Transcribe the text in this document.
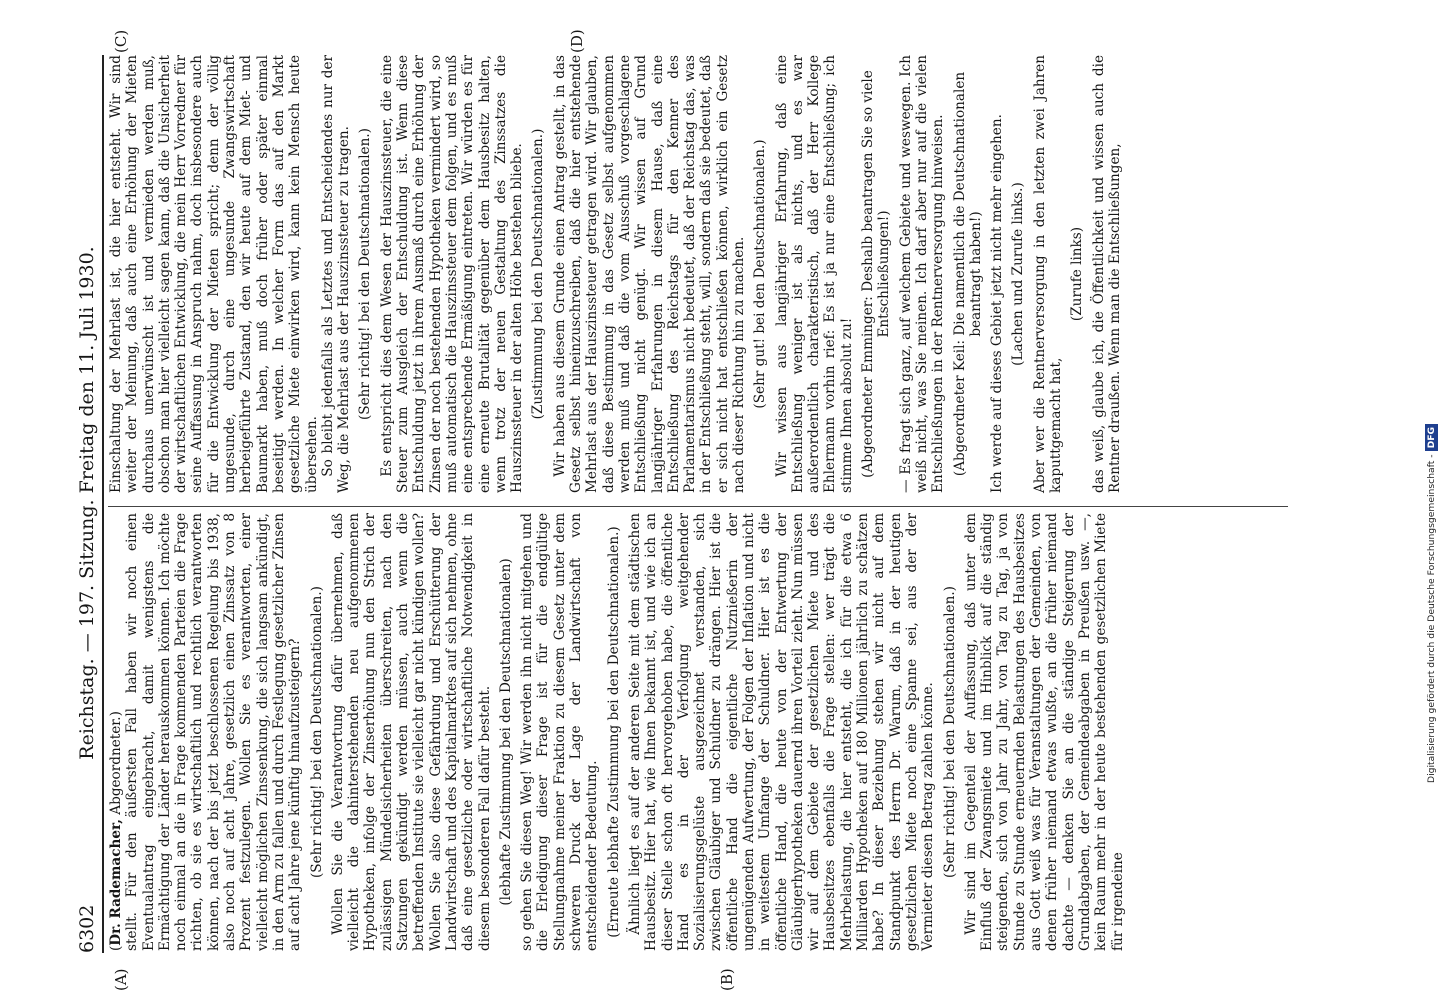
6302
Reichstag. — 197. Sitzung. Freitag den 11. Juli 1930.
(A)	(B)
(C)	(D)

(Dr. Rademacher, Abgeordneter.) stellt. Für den äußersten Fall haben wir noch einen Eventualantrag eingebracht, damit wenigstens die Ermächtigung der Länder herauskommen können. Ich möchte noch einmal an die in Frage kommenden Parteien die Frage richten, ob sie es wirtschaftlich und rechtlich verantworten können, nach der bis jetzt beschlossenen Regelung bis 1938, also noch auf acht Jahre, gesetzlich einen Zinssatz von 8 Prozent festzulegen. Wollen Sie es verantworten, einer vielleicht möglichen Zinssenkung, die sich langsam ankündigt, in den Arm zu fallen und durch Festlegung gesetzlicher Zinsen auf acht Jahre jene künftig hinaufzusteigern? (Sehr richtig! bei den Deutschnationalen.) Wollen Sie die Verantwortung dafür übernehmen, daß vielleicht die dahinterstehenden neu aufgenommenen Hypotheken, infolge der Zinserhöhung nun den Strich der zulässigen Mündelsicherheiten überschreiten, nach den Satzungen gekündigt werden müssen, auch wenn die betreffenden Institute sie vielleicht gar nicht kündigen wollen? Wollen Sie also diese Gefährdung und Erschütterung der Landwirtschaft und des Kapitalmarktes auf sich nehmen, ohne daß eine gesetzliche oder wirtschaftliche Notwendigkeit in diesem besonderen Fall dafür besteht. (lebhafte Zustimmung bei den Deutschnationalen) so gehen Sie diesen Weg! Wir werden ihn nicht mitgehen und die Erledigung dieser Frage ist für die endgültige Stellungnahme meiner Fraktion zu diesem Gesetz unter dem schweren Druck der Lage der Landwirtschaft von entscheidender Bedeutung. (Erneute lebhafte Zustimmung bei den Deutschnationalen.) Ähnlich liegt es auf der anderen Seite mit dem städtischen Hausbesitz. Hier hat, wie Ihnen bekannt ist, und wie ich an dieser Stelle schon oft hervorgehoben habe, die öffentliche Hand es in der Verfolgung weitgehender Sozialisierungsgelüste ausgezeichnet verstanden, sich zwischen Gläubiger und Schuldner zu drängen. Hier ist die öffentliche Hand die eigentliche Nutznießerin der ungenügenden Aufwertung, der Folgen der Inflation und nicht in weitestem Umfange der Schuldner. Hier ist es die öffentliche Hand, die heute von der Entwertung der Gläubigerhypotheken dauernd ihren Vorteil zieht. Nun müssen wir auf dem Gebiete der gesetzlichen Miete und des Hausbesitzes ebenfalls die Frage stellen: wer trägt die Mehrbelastung, die hier entsteht, die ich für die etwa 6 Milliarden Hypotheken auf 180 Millionen jährlich zu schätzen habe? In dieser Beziehung stehen wir nicht auf dem Standpunkt des Herrn Dr. Warum, daß in der heutigen gesetzlichen Miete noch eine Spanne sei, aus der der Vermieter diesen Betrag zahlen könne. (Sehr richtig! bei den Deutschnationalen.) Wir sind im Gegenteil der Auffassung, daß unter dem Einfluß der Zwangsmiete und im Hinblick auf die ständig steigenden, sich von Jahr zu Jahr, von Tag zu Tag, ja von Stunde zu Stunde erneuernden Belastungen des Hausbesitzes aus Gott weiß was für Veranstaltungen der Gemeinden, von denen früher niemand etwas wußte, an die früher niemand dachte — denken Sie an die ständige Steigerung der Grundabgaben, der Gemeindeabgaben in Preußen usw. —, kein Raum mehr in der heute bestehenden gesetzlichen Miete für irgendeine

Einschaltung der Mehrlast ist, die hier entsteht. Wir sind weiter der Meinung, daß auch eine Erhöhung der Mieten durchaus unerwünscht ist und vermieden werden muß, obschon man hier vielleicht sagen kann, daß die Unsicherheit der wirtschaftlichen Entwicklung, die mein Herr Vorredner für seine Auffassung in Anspruch nahm, doch insbesondere auch für die Entwicklung der Mieten spricht; denn der völlig ungesunde, durch eine ungesunde Zwangswirtschaft herbeigeführte Zustand, den wir heute auf dem Miet- und Baumarkt haben, muß doch früher oder später einmal beseitigt werden. In welcher Form das auf den Markt gesetzliche Miete einwirken wird, kann kein Mensch heute übersehen. So bleibt jedenfalls als Letztes und Entscheidendes nur der Weg, die Mehrlast aus der Hauszinssteuer zu tragen. (Sehr richtig! bei den Deutschnationalen.) Es entspricht dies dem Wesen der Hauszinssteuer, die eine Steuer zum Ausgleich der Entschuldung ist. Wenn diese Entschuldung jetzt in ihrem Ausmaß durch eine Erhöhung der Zinsen der noch bestehenden Hypotheken vermindert wird, so muß automatisch die Hauszinssteuer dem folgen, und es muß eine entsprechende Ermäßigung eintreten. Wir würden es für eine erneute Brutalität gegenüber dem Hausbesitz halten, wenn trotz der neuen Gestaltung des Zinssatzes die Hauszinssteuer in der alten Höhe bestehen bliebe. (Zustimmung bei den Deutschnationalen.) Wir haben aus diesem Grunde einen Antrag gestellt, in das Gesetz selbst hineinzuschreiben, daß die hier entstehende Mehrlast aus der Hauszinssteuer getragen wird. Wir glauben, daß diese Bestimmung in das Gesetz selbst aufgenommen werden muß und daß die vom Ausschuß vorgeschlagene Entschließung nicht genügt. Wir wissen auf Grund langjähriger Erfahrungen in diesem Hause, daß eine Entschließung des Reichstags für den Kenner des Parlamentarismus nicht bedeutet, daß der Reichstag das, was in der Entschließung steht, will, sondern daß sie bedeutet, daß er sich nicht hat entschließen können, wirklich ein Gesetz nach dieser Richtung hin zu machen. (Sehr gut! bei den Deutschnationalen.) Wir wissen aus langjähriger Erfahrung, daß eine Entschließung weniger ist als nichts, und es war außerordentlich charakteristisch, daß der Herr Kollege Ehlermann vorhin rief: Es ist ja nur eine Entschließung; ich stimme Ihnen absolut zu! (Abgeordneter Emminger: Deshalb beantragen Sie so viele Entschließungen!) — Es fragt sich ganz, auf welchem Gebiete und weswegen. Ich weiß nicht, was Sie meinen. Ich darf aber nur auf die vielen Entschließungen in der Rentnerversorgung hinweisen. (Abgeordneter Keil: Die namentlich die Deutschnationalen beantragt haben!) Ich werde auf dieses Gebiet jetzt nicht mehr eingehen. (Lachen und Zurufe links.) Aber wer die Rentnerversorgung in den letzten zwei Jahren kaputtgemacht hat,

(Zurufe links) das weiß, glaube ich, die Öffentlichkeit und wissen auch die Rentner draußen. Wenn man die Entschließungen,

Digitalisierung gefördert durch die Deutsche Forschungsgemeinschaft -DFG
